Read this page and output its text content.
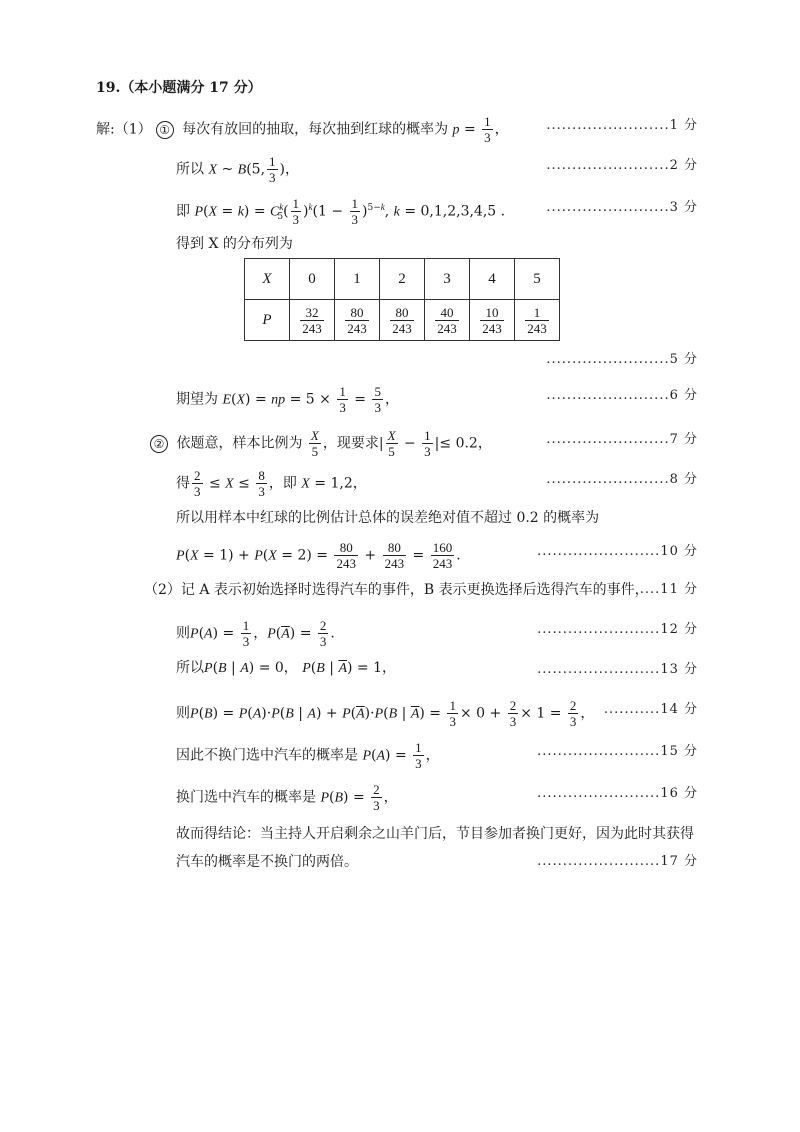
19.（本小题满分 17 分）
解:（1） ① 每次有放回的抽取，每次抽到红球的概率为 $p = \frac{1}{3}$ ，	........................1 分
所以 X ~ B(5, $\frac{1}{3}$ )，	........................2 分
即 $P(X = k) = C^k_5( \frac{1}{3} )^k(1 - \frac{1}{3} )^{5-k}$, k = 0,1,2,3,4,5 .	........................3 分
得到 X 的分布列为
X	0	1	2	3	4	5
P	$\frac{32}{243}$	$\frac{80}{243}$	$\frac{80}{243}$	$\frac{40}{243}$	$\frac{10}{243}$	$\frac{1}{243}$
........................5 分
期望为 E(X) = np = $5 \times \frac{1}{3} = \frac{5}{3}$ ，	........................6 分
② 依题意，样本比例为 $\frac{X}{5}$ ，现要求| $\frac{X}{5} - \frac{1}{3}$ |≤ 0.2，	........................7 分
得 $\frac{2}{3} \le X \le \frac{8}{3}$ ，即 X = 1,2，	........................8 分
所以用样本中红球的比例估计总体的误差绝对值不超过 0.2 的概率为
$P(X = 1) + P(X = 2) = \frac{80}{243} + \frac{80}{243} = \frac{160}{243}$ .	........................10 分
（2）记 A 表示初始选择时选得汽车的事件，B 表示更换选择后选得汽车的事件，
....11 分
则$P(A) = \frac{1}{3}$ ，$P(\overline{A}) = \frac{2}{3}$ .	........................12 分
所以P(B | A) = 0， P(B | $\overline{A}) = 1$，	........................13 分
则P(B) = P(A)·P(B | $A) + P(\overline{A})\cdot P(B$ | $\overline{A}) = \frac{1}{3} \times 0 + \frac{2}{3} \times 1 = \frac{2}{3}$ ， ...........14 分
因此不换门选中汽车的概率是 $P(A) = \frac{1}{3}$ ，	........................15 分
换门选中汽车的概率是 $P(B) = \frac{2}{3}$ ，	........................16 分
故而得结论：当主持人开启剩余之山羊门后，节目参加者换门更好，因为此时其获得
汽车的概率是不换门的两倍。	........................17 分
